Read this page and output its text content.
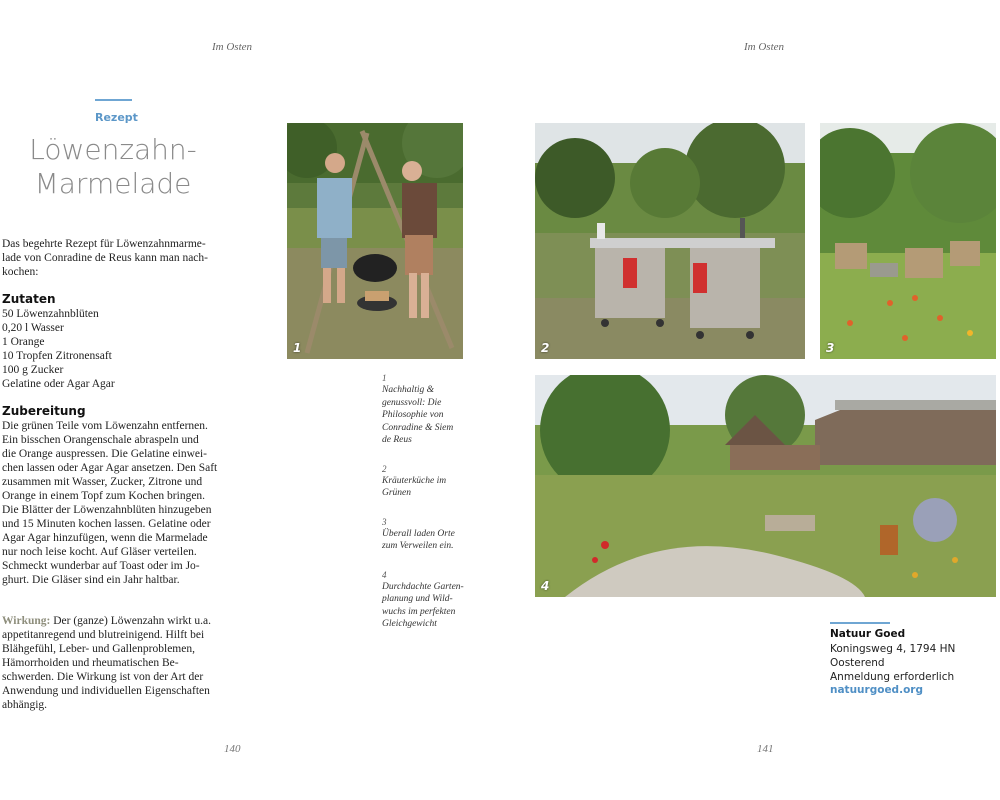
Im Osten
Rezept
Löwenzahn-
Marmelade
Das begehrte Rezept für Löwenzahnmarme-
lade von Conradine de Reus kann man nach-
kochen:
Zutaten
50 Löwenzahnblüten
0,20 l Wasser
1 Orange
10 Tropfen Zitronensaft
100 g Zucker
Gelatine oder Agar Agar
Zubereitung
Die grünen Teile vom Löwenzahn entfernen.
Ein bisschen Orangenschale abraspeln und
die Orange auspressen. Die Gelatine einwei-
chen lassen oder Agar Agar ansetzen. Den Saft
zusammen mit Wasser, Zucker, Zitrone und
Orange in einem Topf zum Kochen bringen.
Die Blätter der Löwenzahnblüten hinzugeben
und 15 Minuten kochen lassen. Gelatine oder
Agar Agar hinzufügen, wenn die Marmelade
nur noch leise kocht. Auf Gläser verteilen.
Schmeckt wunderbar auf Toast oder im Jo-
ghurt. Die Gläser sind ein Jahr haltbar.
Wirkung: Der (ganze) Löwenzahn wirkt u.a.
appetitanregend und blutreinigend. Hilft bei
Blähgefühl, Leber- und Gallenproblemen,
Hämorrhoiden und rheumatischen Be-
schwerden. Die Wirkung ist von der Art der
Anwendung und individuellen Eigenschaften
abhängig.
1
1
Nachhaltig &
genussvoll: Die
Philosophie von
Conradine & Siem
de Reus
2
Kräuterküche im
Grünen
3
Überall laden Orte
zum Verweilen ein.
4
Durchdachte Garten-
planung und Wild-
wuchs im perfekten
Gleichgewicht
140
Im Osten
2	3
4
Natuur Goed
Koningsweg 4, 1794 HN Oosterend
Anmeldung erforderlich
natuurgoed.org
141
